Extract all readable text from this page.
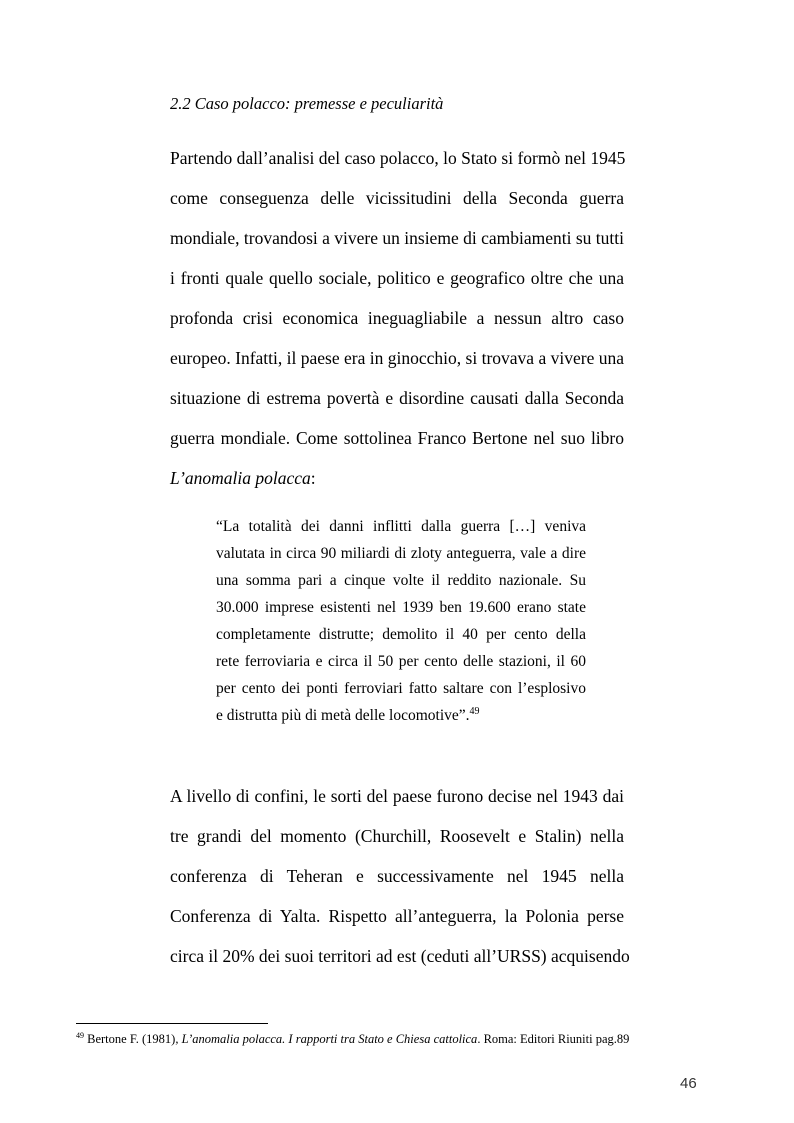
2.2 Caso polacco: premesse e peculiarità
Partendo dall’analisi del caso polacco, lo Stato si formò nel 1945
come conseguenza delle vicissitudini della Seconda guerra
mondiale, trovandosi a vivere un insieme di cambiamenti su tutti
i fronti quale quello sociale, politico e geografico oltre che una
profonda crisi economica ineguagliabile a nessun altro caso
europeo. Infatti, il paese era in ginocchio, si trovava a vivere una
situazione di estrema povertà e disordine causati dalla Seconda
guerra mondiale. Come sottolinea Franco Bertone nel suo libro
L’anomalia polacca:
“La totalità dei danni inflitti dalla guerra […] veniva
valutata in circa 90 miliardi di zloty anteguerra, vale a dire
una somma pari a cinque volte il reddito nazionale. Su
30.000 imprese esistenti nel 1939 ben 19.600 erano state
completamente distrutte; demolito il 40 per cento della
rete ferroviaria e circa il 50 per cento delle stazioni, il 60
per cento dei ponti ferroviari fatto saltare con l’esplosivo
e distrutta più di metà delle locomotive”.$^{49}$
A livello di confini, le sorti del paese furono decise nel 1943 dai
tre grandi del momento (Churchill, Roosevelt e Stalin) nella
conferenza di Teheran e successivamente nel 1945 nella
Conferenza di Yalta. Rispetto all’anteguerra, la Polonia perse
circa il 20% dei suoi territori ad est (ceduti all’URSS) acquisendo
$^{49}$ Bertone F. (1981), L’anomalia polacca. I rapporti tra Stato e Chiesa cattolica. Roma: Editori Riuniti pag.89
46
